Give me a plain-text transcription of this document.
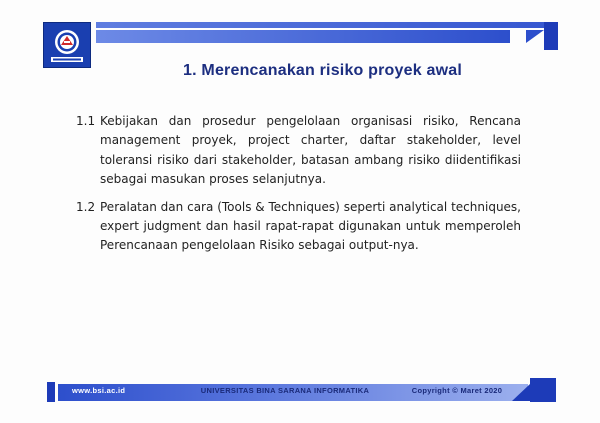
1. Merencanakan risiko proyek awal
1.1 Kebijakan dan prosedur pengelolaan organisasi risiko, Rencana management proyek, project charter, daftar stakeholder, level toleransi risiko dari stakeholder, batasan ambang risiko diidentifikasi sebagai masukan proses selanjutnya.
1.2 Peralatan dan cara (Tools & Techniques) seperti analytical techniques, expert judgment dan hasil rapat-rapat digunakan untuk memperoleh Perencanaan pengelolaan Risiko sebagai output-nya.
www.bsi.ac.id	UNIVERSITAS BINA SARANA INFORMATIKA	Copyright © Maret 2020
